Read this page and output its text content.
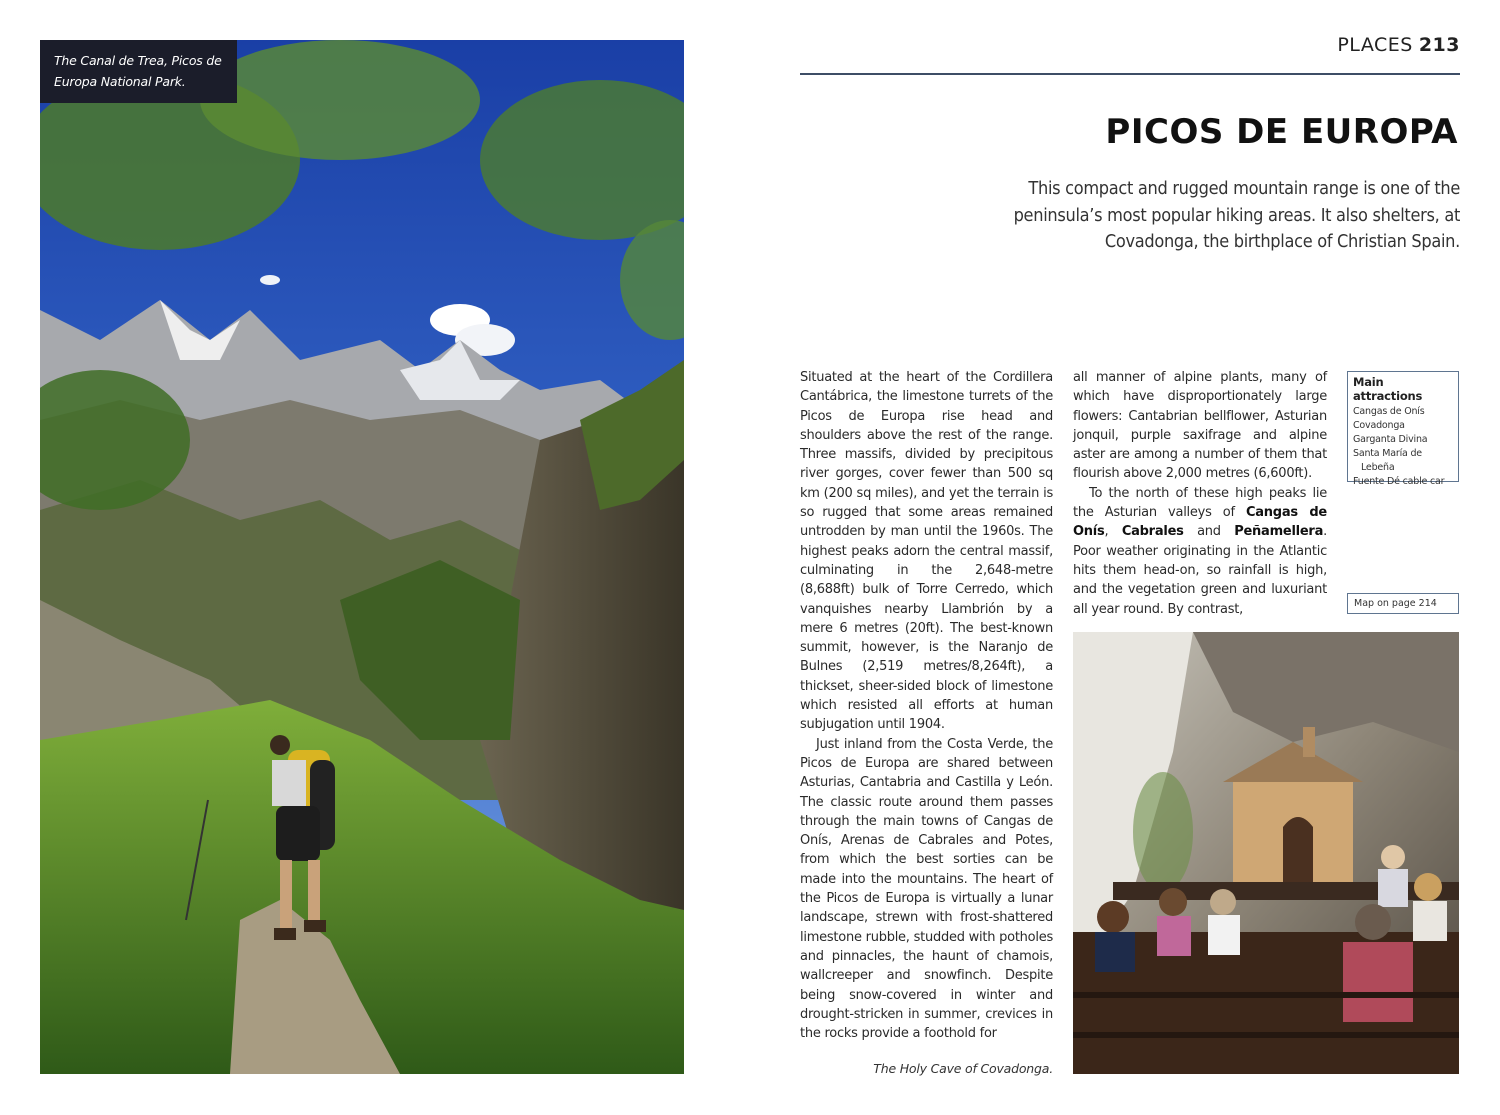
The Canal de Trea, Picos de Europa National Park.
PLACES 213
PICOS DE EUROPA
This compact and rugged mountain range is one of the peninsula’s most popular hiking areas. It also shelters, at Covadonga, the birthplace of Christian Spain.

Situated at the heart of the Cordillera Cantábrica, the limestone turrets of the Picos de Europa rise head and shoulders above the rest of the range. Three massifs, divided by precipitous river gorges, cover fewer than 500 sq km (200 sq miles), and yet the terrain is so rugged that some areas remained untrodden by man until the 1960s. The highest peaks adorn the central massif, culminating in the 2,648-metre (8,688ft) bulk of Torre Cerredo, which vanquishes nearby Llambrión by a mere 6 metres (20ft). The best-known summit, however, is the Naranjo de Bulnes (2,519 metres/8,264ft), a thickset, sheer-sided block of limestone which resisted all efforts at human subjugation until 1904.

Just inland from the Costa Verde, the Picos de Europa are shared between Asturias, Cantabria and Castilla y León. The classic route around them passes through the main towns of Cangas de Onís, Arenas de Cabrales and Potes, from which the best sorties can be made into the mountains. The heart of the Picos de Europa is virtually a lunar landscape, strewn with frost-shattered limestone rubble, studded with potholes and pinnacles, the haunt of chamois, wallcreeper and snowfinch. Despite being snow-covered in winter and drought-stricken in summer, crevices in the rocks provide a foothold for

all manner of alpine plants, many of which have disproportionately large flowers: Cantabrian bellflower, Asturian jonquil, purple saxifrage and alpine aster are among a number of them that flourish above 2,000 metres (6,600ft).

To the north of these high peaks lie the Asturian valleys of Cangas de Onís, Cabrales and Peñamellera. Poor weather originating in the Atlantic hits them head-on, so rainfall is high, and the vegetation green and luxuriant all year round. By contrast,

Main attractions
Cangas de Onís
Covadonga
Garganta Divina
Santa María de
Lebeña
Fuente Dé cable car
Map on page 214
The Holy Cave of Covadonga.
